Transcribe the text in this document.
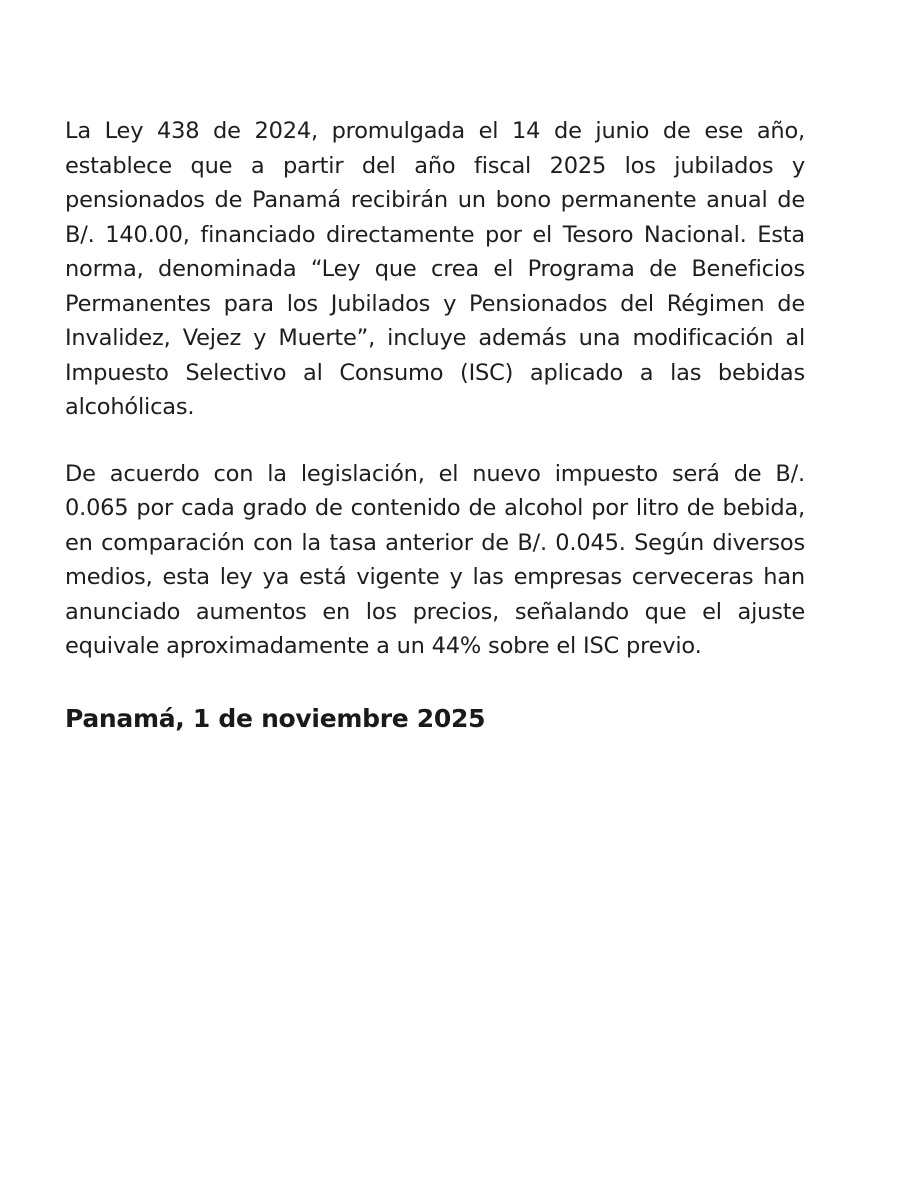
La Ley 438 de 2024, promulgada el 14 de junio de ese año, establece que a partir del año fiscal 2025 los jubilados y pensionados de Panamá recibirán un bono permanente anual de B/. 140.00, financiado directamente por el Tesoro Nacional. Esta norma, denominada “Ley que crea el Programa de Beneficios Permanentes para los Jubilados y Pensionados del Régimen de Invalidez, Vejez y Muerte”, incluye además una modificación al Impuesto Selectivo al Consumo (ISC) aplicado a las bebidas alcohólicas.

De acuerdo con la legislación, el nuevo impuesto será de B/. 0.065 por cada grado de contenido de alcohol por litro de bebida, en comparación con la tasa anterior de B/. 0.045. Según diversos medios, esta ley ya está vigente y las empresas cerveceras han anunciado aumentos en los precios, señalando que el ajuste equivale aproximadamente a un 44% sobre el ISC previo.

Panamá, 1 de noviembre 2025
